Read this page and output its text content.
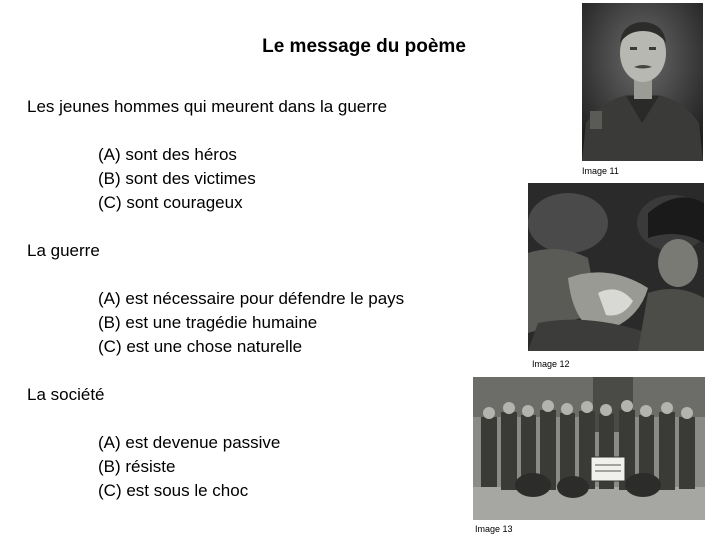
Le message du poème
Les jeunes hommes qui meurent dans la guerre
(A) sont des héros
(B) sont des victimes
(C) sont courageux
La guerre
(A) est nécessaire pour défendre le pays
(B) est une tragédie humaine
(C) est une chose naturelle
La société
(A) est devenue passive
(B) résiste
(C) est sous le choc
Image 11
Image 12
Image 13
